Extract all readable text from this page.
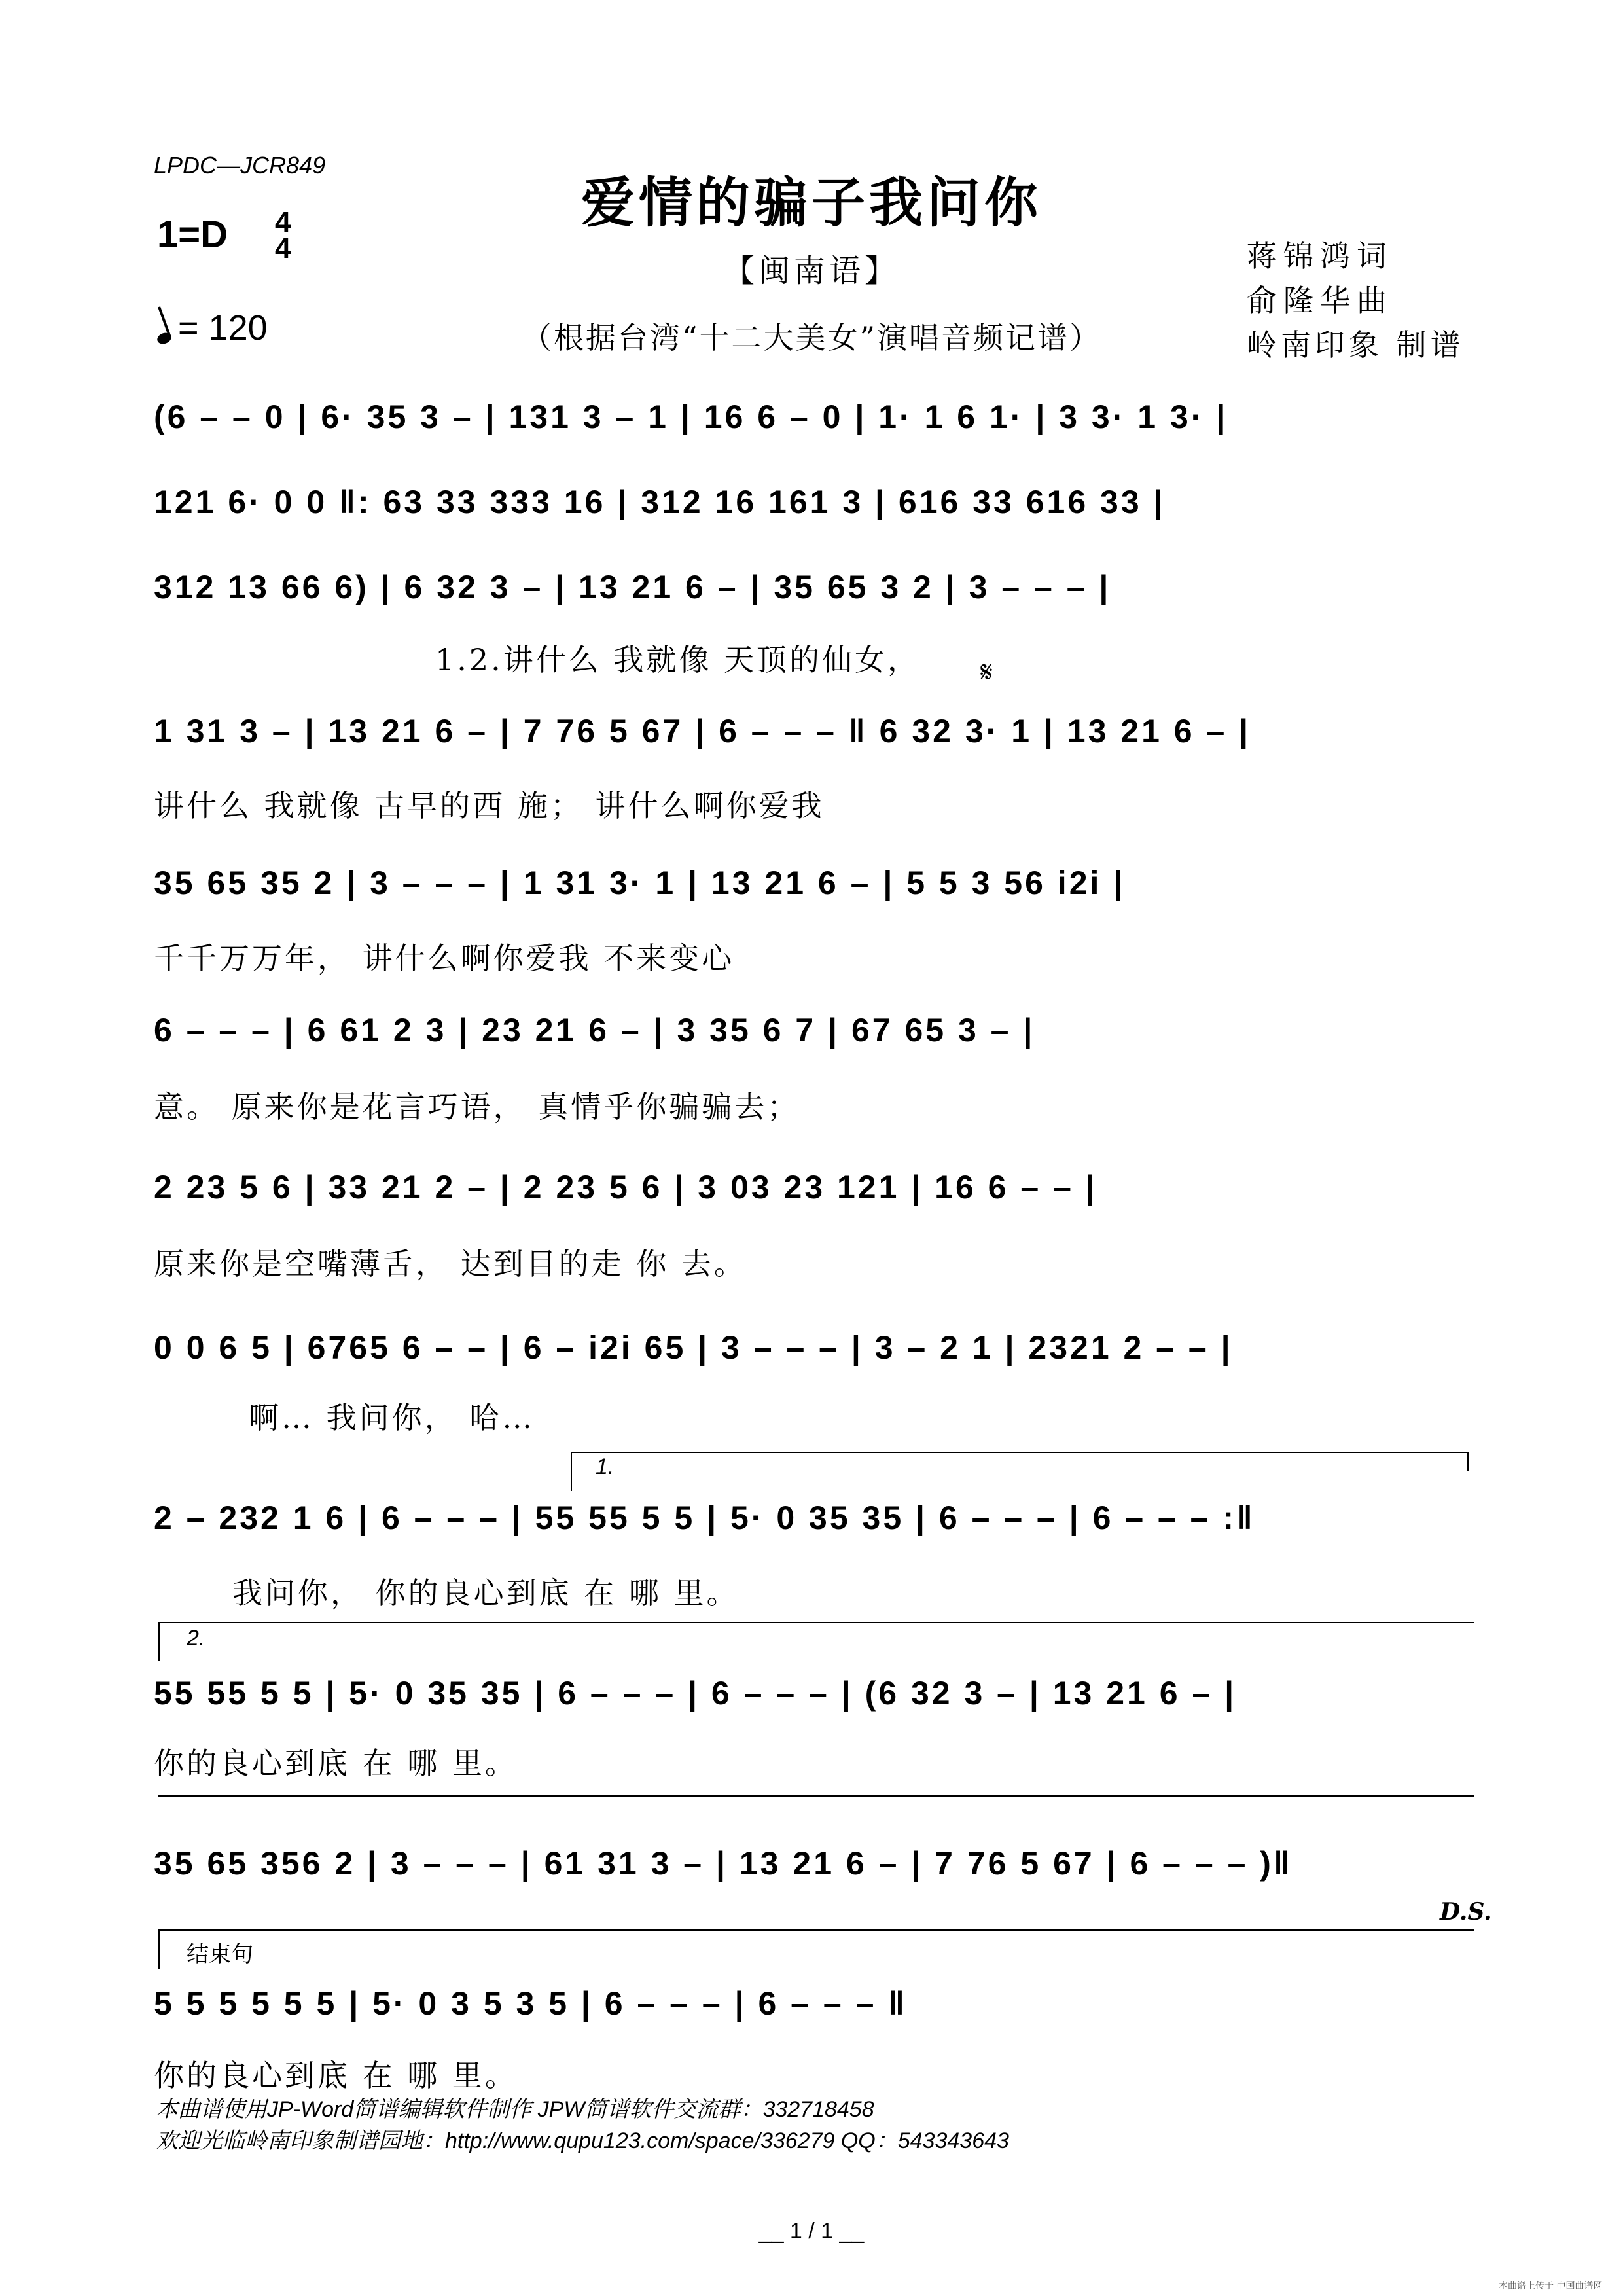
LPDC—JCR849
爱情的骗子我问你
1=D 4
4
= 120
【闽南语】
（根据台湾“十二大美女”演唱音频记谱）
蒋锦鸿词
俞隆华曲
岭南印象 制谱
(6 – – 0 | 6· 35 3 – | 131 3 – 1 | 16 6 – 0 | 1· 1 6 1· | 3 3· 1 3· |
121 6· 0 0 ‖: 63 33 333 16 | 312 16 161 3 | 616 33 616 33 |
312 13 66 6) | 6 32 3 – | 13 21 6 – | 35 65 3 2 | 3 – – – |
1.2.讲什么 我就像 天顶的仙女， 𝄋
1 31 3 – | 13 21 6 – | 7 76 5 67 | 6 – – – ‖ 6 32 3· 1 | 13 21 6 – |
讲什么 我就像 古早的西 施； 讲什么啊你爱我
35 65 35 2 | 3 – – – | 1 31 3· 1 | 13 21 6 – | 5 5 3 56 i2i |
千千万万年， 讲什么啊你爱我 不来变心
6 – – – | 6 61 2 3 | 23 21 6 – | 3 35 6 7 | 67 65 3 – |
意。 原来你是花言巧语， 真情乎你骗骗去；
2 23 5 6 | 33 21 2 – | 2 23 5 6 | 3 03 23 121 | 16 6 – – |
原来你是空嘴薄舌， 达到目的走 你 去。
0 0 6 5 | 6765 6 – – | 6 – i2i 65 | 3 – – – | 3 – 2 1 | 2321 2 – – |
啊… 我问你， 哈…
1.
2 – 232 1 6 | 6 – – – | 55 55 5 5 | 5· 0 35 35 | 6 – – – | 6 – – – :‖
我问你， 你的良心到底 在 哪 里。
2.
55 55 5 5 | 5· 0 35 35 | 6 – – – | 6 – – – | (6 32 3 – | 13 21 6 – |
你的良心到底 在 哪 里。
35 65 356 2 | 3 – – – | 61 31 3 – | 13 21 6 – | 7 76 5 67 | 6 – – – )‖
D.S.
结束句
5 5 5 5 5 5 | 5· 0 3 5 3 5 | 6 – – – | 6 – – – ‖
你的良心到底 在 哪 里。
本曲谱使用JP-Word简谱编辑软件制作 JPW简谱软件交流群：332718458
欢迎光临岭南印象制谱园地：http://www.qupu123.com/space/336279 QQ：543343643
__ 1 / 1 __
本曲谱上传于 中国曲谱网
